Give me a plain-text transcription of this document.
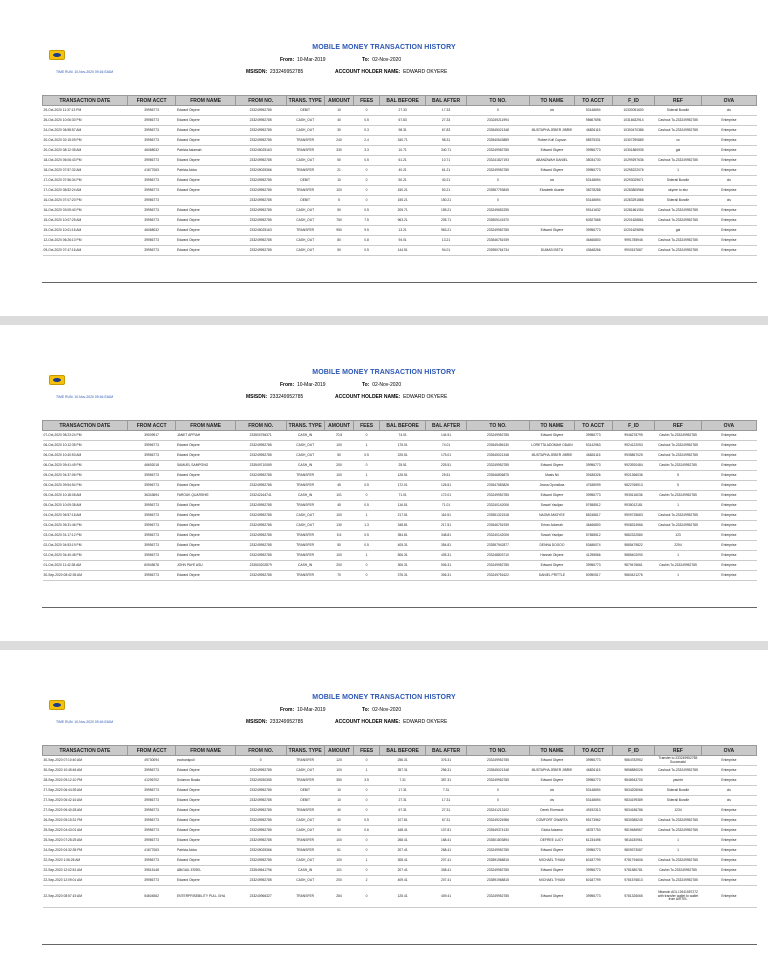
MOBILE MONEY TRANSACTION HISTORY
From: 10-Mar-2019	To: 02-Nov-2020
MSISDN: 233249952785	ACCOUNT HOLDER NAME: EDWARD OKYERE
TIME RUN: 10-Nov-2020 09:16:03AM
TRANSACTION DATE	FROM ACCT	FROM NAME	FROM NO.	TRANS. TYPE	AMOUNT	FEES	BAL BEFORE	BAL AFTER	TO NO.	TO NAME	TO ACCT	F_ID	REF	OVA
29-Oct-2020 11:37:13 PM	39956773	Edward Okyere	233249952785	DEBIT	10	0	27.33	17.33	0	cis	53148694	10330051600	Siderail Bundle	cis
26-Oct-2020 10:06:30 PM	39956773	Edward Okyere	233249952785	CASH_OUT	40	0.5	67.83	27.33	233249211994		98667698	10316632914	Cashout To-233249952785	Enterprise
24-Oct-2020 06:58:57 AM	39956773	Edward Okyere	233249952785	CASH_OUT	30	0.3	98.31	67.83	233545021348	MUSTAPHA JEBER JIBRIE	46826115	10300470386	Cashout To-233249952785	Enterprise
20-Oct-2020 02:15:09 PM	39956773	Edward Okyere	233249952785	TRANSFER	240	2.4	340.71	98.31	233540643889	Robert Kofi Copson	58575331	10307290889	cs	Enterprise
20-Oct-2020 08:12:35 AM	46068032	Patricia Asiamah	233245025163	TRANSFER	330	3.3	10.71	340.71	233249952785	Edward Okyere	39956773	10301860935	gal	Enterprise
18-Oct-2020 06:06:43 PM	39956773	Edward Okyere	233249952785	CASH_OUT	50	0.5	61.21	10.71	233241827193	ABANDWAH DANIEL	38034730	10299297636	Cashout To-233249952785	Enterprise
18-Oct-2020 07:57:32 AM	41677063	Patricia Aidoo	233249025366	TRANSFER	21	0	40.21	61.21	233249952785	Edward Okyere	39956773	10295222076	1	Enterprise
17-Oct-2020 07:56:34 PM	39956773	Edward Okyere	233249952785	DEBIT	10	0	50.21	40.21	0	cis	53148694	10293029671	Siderail Bundle	cis
17-Oct-2020 08:52:24 AM	39956773	Edward Okyere	233249952785	TRANSFER	100	0	150.21	50.21	233557793845	Elizabeth Asante	38278288	10283805966	okyere to ebz	Enterprise
16-Oct-2020 07:07:20 PM	39956773		233249952785	DEBIT	5	0	155.21	150.21	0		53148694	10283291886	Siderail Bundle	cis
16-Oct-2020 03:05:40 PM	39956773	Edward Okyere	233249952785	CASH_OUT	50	0.5	205.71	155.21	233249652295		59141632	10281661054	Cashout To-233249952785	Enterprise
15-Oct-2020 10:07:25 AM	39956773	Edward Okyere	233249952785	CASH_OUT	750	7.5	963.21	205.71	233509141570		60527668	10201628861	Cashout To-233249952785	Enterprise
15-Oct-2020 10:01:16 AM	46068032	Edward Okyere	233245025163	TRANSFER	950	9.5	13.21	963.21	233249952785	Edward Okyere	39956773	10201629896	gal	Enterprise
12-Oct-2020 06:26:10 PM	39956773	Edward Okyere	233249952785	CASH_OUT	80	0.8	94.01	13.21	233546751939		46466800	9991785946	Cashout To-233249952785	Enterprise
09-Oct-2020 07:47:16 AM	39956773	Edward Okyere	233249952785	CASH_OUT	50	0.5	144.51	94.01	233950764734	DUMASI BETU	43648266	9900157687	Cashout To-233249952785	Enterprise
MOBILE MONEY TRANSACTION HISTORY
From: 10-Mar-2019	To: 02-Nov-2020
MSISDN: 233249952785	ACCOUNT HOLDER NAME: EDWARD OKYERE
TIME RUN: 10-Nov-2020 09:16:03AM
TRANSACTION DATE	FROM ACCT	FROM NAME	FROM NO.	TRANS. TYPE	AMOUNT	FEES	BAL BEFORE	BAL AFTER	TO NO.	TO NAME	TO ACCT	F_ID	REF	OVA
07-Oct-2020 08:23:24 PM	39009917	JANET APPIAH	233500756371	CASH_IN	70.5	0	74.01	144.51	233249952785	Edward Okyere	39956773	9946278799	Cashin To-233249952785	Enterprise
06-Oct-2020 10:12:35 PM	39956773	Edward Okyere	233249952785	CASH_OUT	100	1	175.01	74.01	233549456130	LORETTA ADOMAH ODAIN	53142963	9924122053	Cashout To-233249952785	Enterprise
06-Oct-2020 10:40:53 AM	39956773	Edward Okyere	233249952785	CASH_OUT	50	0.5	225.51	175.01	233545021348	MUSTAPHA JEBER JIBRIE	46826115	9935867025	Cashout To-233249952785	Enterprise
06-Oct-2020 09:41:49 PM	46692018	SAMUEL SAMPONG	233549710089	CASH_IN	200	0	25.51	225.51	233249952785	Edward Okyere	39956773	9923920484	Cashin To-233249952785	Enterprise
05-Oct-2020 04:37:06 PM	39956773	Edward Okyere	233249952785	TRANSFER	100	1	126.51	25.51	233546806875	Masis Nii	39188326	9921366036	5	Enterprise
05-Oct-2020 09:54:54 PM	39956773	Edward Okyere	233249952785	TRANSFER	45	0.5	172.01	126.51	233547683826	Jeana Opondiwa	47638099	9822766913	5	Enterprise
05-Oct-2020 10:18:08 AM	36343694	FAROUK QUARSHIE	233242164741	CASH_IN	101	0	71.01	172.01	233249952785	Edward Okyere	39956773	9935116036	Cashin To-233249952785	Enterprise
05-Oct-2020 10:09:38 AM	39956773	Edward Okyere	233249952785	TRANSFER	45	0.5	116.51	71.01	233240142006	Sowah Yaulipur	57658512	9935012181	1	Enterprise
04-Oct-2020 06:57:18 AM	39956773	Edward Okyere	233249952785	CASH_OUT	100	1	217.51	116.51	233551321518	NAOMI AMOYEE	85248617	9909725683	Cashout To-233249952785	Enterprise
03-Oct-2020 05:31:46 PM	39956773	Edward Okyere	233249952785	CASH_OUT	130	1.3	348.81	217.51	233546751939	Erhan Adomah	46466800	9908324966	Cashout To-233249952785	Enterprise
03-Oct-2020 01:17:12 PM	39956773	Edward Okyere	233249952785	TRANSFER	5.5	0.5	354.81	348.81	233240142006	Sowah Yaulipur	57658512	9882322580	123	Enterprise
02-Oct-2020 04:53:19 PM	39956773	Edward Okyere	233249952785	TRANSFER	50	0.5	405.31	354.81	233557942877	DENNA DOGOO	53486074	9885479822	2294	Enterprise
02-Oct-2020 04:40:48 PM	39956773	Edward Okyere	233249952785	TRANSFER	100	1	506.31	405.31	233248803710	Hannah Okyere	41298566	9885402090	1	Enterprise
01-Oct-2020 11:42:38 AM	60945678	JOHN PAYE ASU	233500202879	CASH_IN	200	0	306.31	506.31	233249952785	Edward Okyere	39956773	9879476661	Cashin To-233249952785	Enterprise
30-Sep-2020 08:42:35 AM	39956773	Edward Okyere	233249952785	TRANSFER	70	0	376.31	306.31	233249751622	DANIEL PRITTLE	50950517	9860421276	1	Enterprise
MOBILE MONEY TRANSACTION HISTORY
From: 10-Mar-2019	To: 02-Nov-2020
MSISDN: 233249952785	ACCOUNT HOLDER NAME: EDWARD OKYERE
TIME RUN: 10-Nov-2020 09:16:03AM
TRANSACTION DATE	FROM ACCT	FROM NAME	FROM NO.	TRANS. TYPE	AMOUNT	FEES	BAL BEFORE	BAL AFTER	TO NO.	TO NAME	TO ACCT	F_ID	REF	OVA
30-Sep-2020 07:10:40 AM	49730094	ecobankpull	0	TRANSFER	120	0	256.31	376.31	233249952785	Edward Okyere	39956773	9864782952	Transfer to 233249952785 Successful	Enterprise
30-Sep-2020 10:45:46 AM	39956773	Edward Okyere	233249952785	CASH_OUT	100	1	357.31	256.31	233545021348	MUSTAPHA JEBER JIBRIE	46826115	9856880026	Cashout To-233249952785	Enterprise
28-Sep-2020 09:12:10 PM	41296702	Solomon Boako	233249250355	TRANSFER	350	3.5	7.31	357.31	233249952785	Edward Okyere	39956773	9846943700	yashtrr	Enterprise
27-Sep-2020 06:44:39 AM	39956773	Edward Okyere	233249952785	DEBIT	10	0	17.31	7.31	0	cis	53148694	9834205066	Siderail Bundle	cis
27-Sep-2020 06:42:16 AM	39956773	Edward Okyere	233249952785	DEBIT	10	0	27.31	17.31	0	cis	53148694	9834199389	Siderail Bundle	cis
27-Sep-2020 06:40:28 AM	39956773	Edward Okyere	233249952785	TRANSFER	40	0	67.31	27.31	233241213102	Derek Elormzok	49192313	9834186786	1234	Enterprise
26-Sep-2020 05:15:31 PM	39956773	Edward Okyere	233249952785	CASH_OUT	40	0.5	107.81	67.31	233249224986	COMFORT OWARTA	55173962	9830385245	Cashout To-233249952785	Enterprise
25-Sep-2020 04:43:01 AM	39956773	Edward Okyere	233249952785	CASH_OUT	60	0.6	168.41	107.81	233549374130	Gloria Adzamo	48787753	9819486967	Cashout To-233249952785	Enterprise
25-Sep-2020 07:28:25 AM	39956773	Edward Okyere	233249952785	TRANSFER	100	0	268.41	168.41	233501803894	DEFREE LUCY	61234496	9811630961	1	Enterprise
24-Sep-2020 04:32:35 PM	41677063	Patricia Aidoo	233249025366	TRANSFER	61	0	207.41	268.41	233249952785	Edward Okyere	39956773	9809373087	1	Enterprise
22-Sep-2020 1:06:28 AM	39956773	Edward Okyere	233249952785	CASH_OUT	100	1	308.41	207.41	233591968815	MICHAEL THIUM	60187799	9781794606	Cashout To-233249952785	Enterprise
22-Sep-2020 12:02:51 AM	39515148	ABIGAIL ESSEL	233549641796	CASH_IN	101	0	207.41	308.41	233249952785	Edward Okyere	39956773	9781580781	Cashin To-233249952785	Enterprise
22-Sep-2020 12:09:01 AM	39956773	Edward Okyere	233249952785	CASH_OUT	200	2	409.41	207.41	233591968815	MICHAEL THIUM	60187799	9781576813	Cashout To-233249952785	Enterprise
22-Sep-2020 08:57:15 AM	54604562	ENTERPRISEBILITY PULL GHA	233240966327	TRANSFER	284	0	125.41	409.41	233249952785	Edward Okyere	39956773	9781326065	Ntiamoh AGLI 2641557272 with transfer wallet to wallet from AIRTEL	Enterprise
